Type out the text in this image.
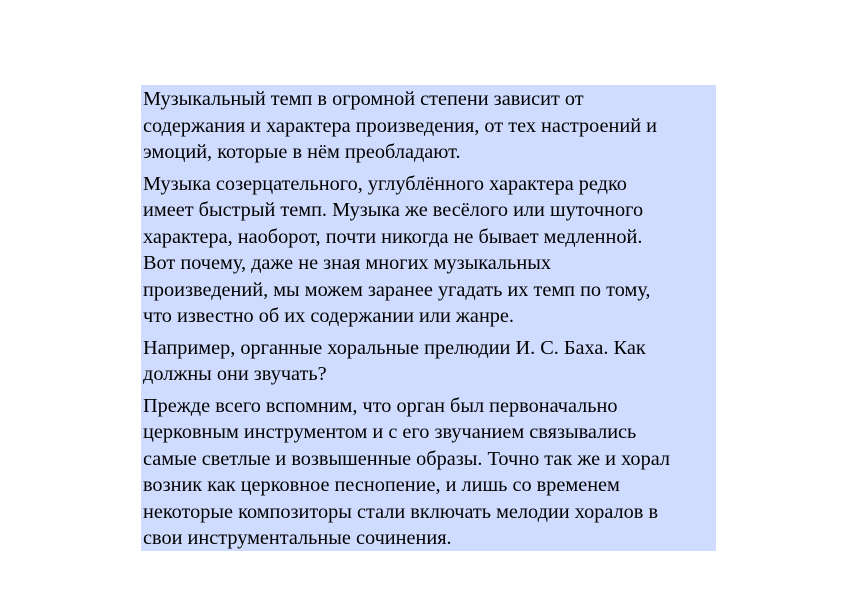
Музыкальный темп в огромной степени зависит от
содержания и характера произведения, от тех настроений и
эмоций, которые в нём преобладают.

Музыка созерцательного, углублённого характера редко
имеет быстрый темп. Музыка же весёлого или шуточного
характера, наоборот, почти никогда не бывает медленной.
Вот почему, даже не зная многих музыкальных
произведений, мы можем заранее угадать их темп по тому,
что известно об их содержании или жанре.

Например, органные хоральные прелюдии И. С. Баха. Как
должны они звучать?

Прежде всего вспомним, что орган был первоначально
церковным инструментом и с его звучанием связывались
самые светлые и возвышенные образы. Точно так же и хорал
возник как церковное песнопение, и лишь со временем
некоторые композиторы стали включать мелодии хоралов в
свои инструментальные сочинения.
